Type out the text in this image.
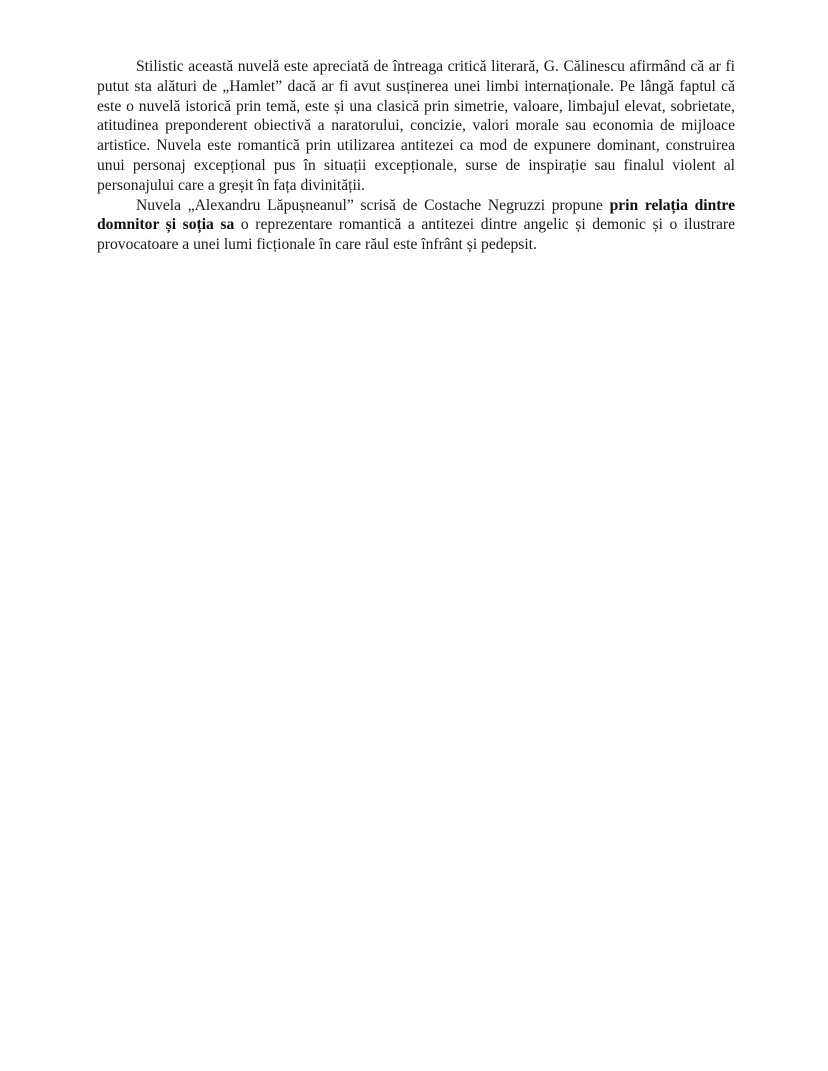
Stilistic această nuvelă este apreciată de întreaga critică literară, G. Călinescu afirmând că ar fi putut sta alături de „Hamlet” dacă ar fi avut susținerea unei limbi internaționale. Pe lângă faptul că este o nuvelă istorică prin temă, este și una clasică prin simetrie, valoare, limbajul elevat, sobrietate, atitudinea preponderent obiectivă a naratorului, concizie, valori morale sau economia de mijloace artistice. Nuvela este romantică prin utilizarea antitezei ca mod de expunere dominant, construirea unui personaj excepțional pus în situații excepționale, surse de inspirație sau finalul violent al personajului care a greșit în fața divinității.

Nuvela „Alexandru Lăpușneanul” scrisă de Costache Negruzzi propune prin relația dintre domnitor și soția sa o reprezentare romantică a antitezei dintre angelic și demonic și o ilustrare provocatoare a unei lumi ficționale în care răul este înfrânt și pedepsit.
